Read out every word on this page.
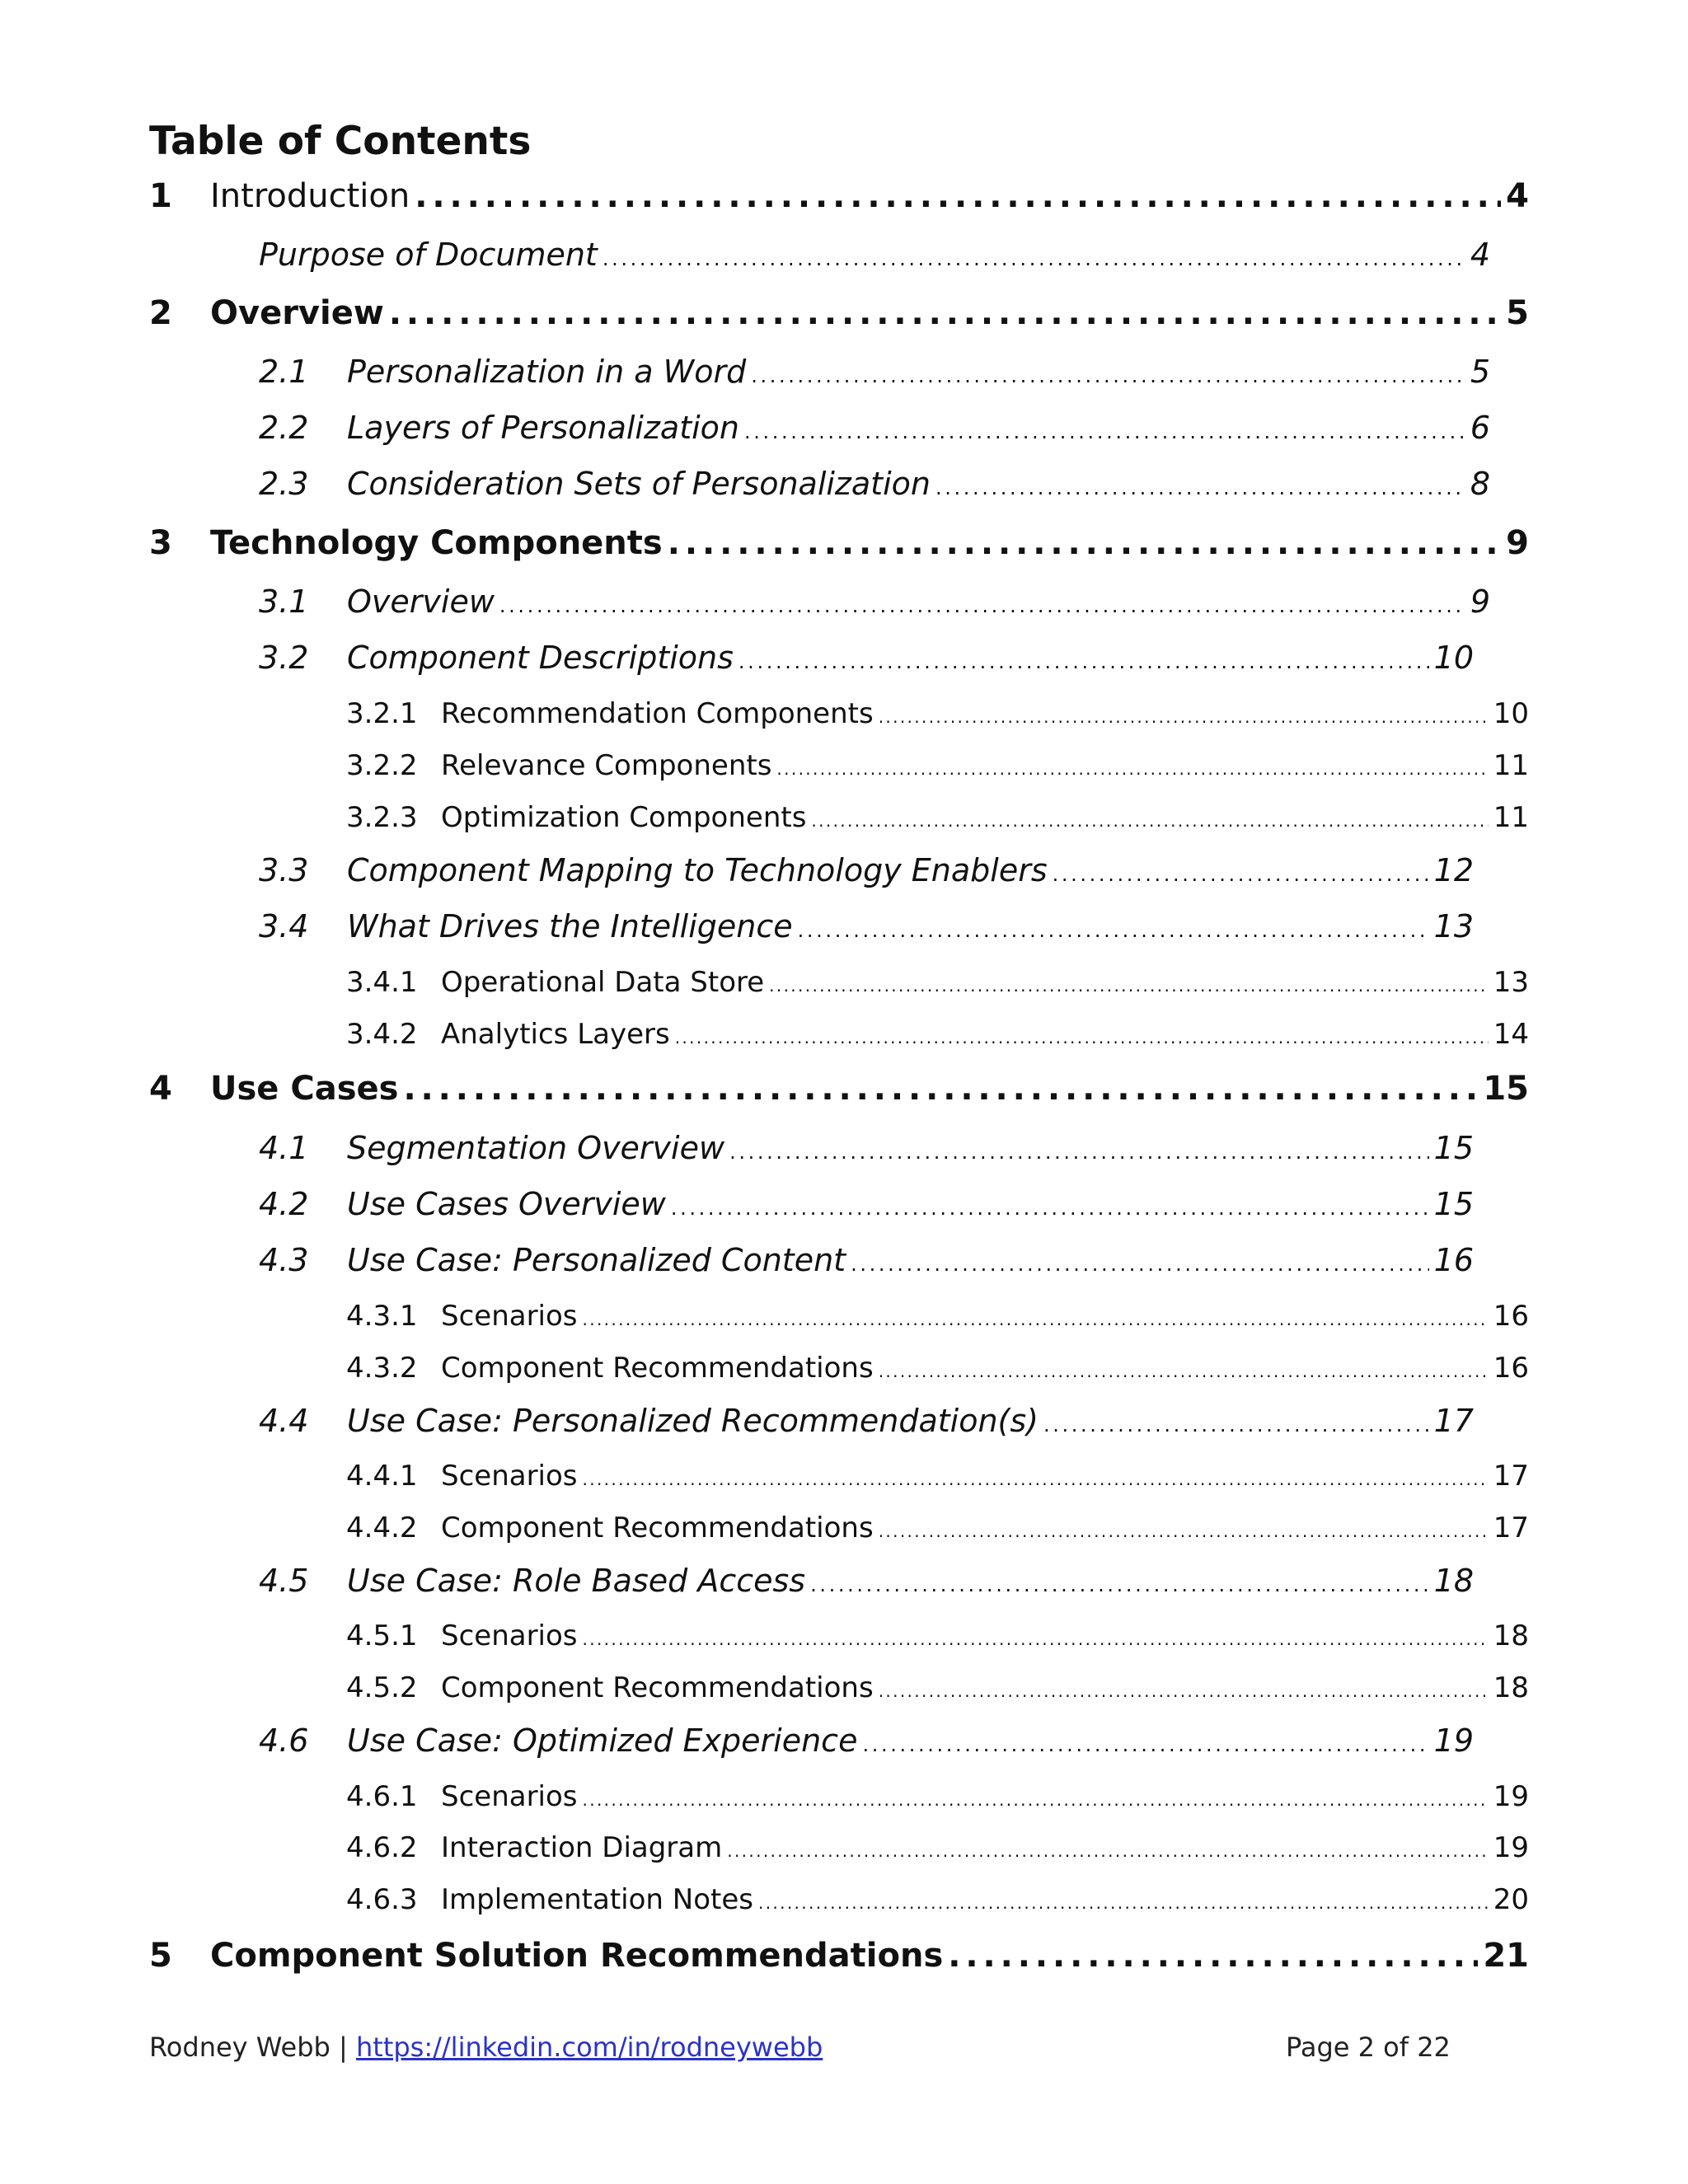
Table of Contents
1	Introduction . . .	4
Purpose of Document . . .	4
2	Overview . . .	5
2.1	Personalization in a Word . . .	5
2.2	Layers of Personalization . . .	6
2.3	Consideration Sets of Personalization . . .	8
3	Technology Components . . .	9
3.1	Overview . . .	9
3.2	Component Descriptions . . .	10
3.2.1 Recommendation Components . . .	10
3.2.2 Relevance Components . . .	11
3.2.3 Optimization Components . . .	11
3.3	Component Mapping to Technology Enablers . . .	12
3.4	What Drives the Intelligence . . .	13
3.4.1 Operational Data Store . . .	13
3.4.2 Analytics Layers . . .	14
4	Use Cases . . .	15
4.1	Segmentation Overview . . .	15
4.2	Use Cases Overview . . .	15
4.3	Use Case: Personalized Content . . .	16
4.3.1 Scenarios . . .	16
4.3.2 Component Recommendations . . .	16
4.4	Use Case: Personalized Recommendation(s) . . .	17
4.4.1 Scenarios . . .	17
4.4.2 Component Recommendations . . .	17
4.5	Use Case: Role Based Access . . .	18
4.5.1 Scenarios . . .	18
4.5.2 Component Recommendations . . .	18
4.6	Use Case: Optimized Experience . . .	19
4.6.1 Scenarios . . .	19
4.6.2 Interaction Diagram . . .	19
4.6.3 Implementation Notes . . .	20
5	Component Solution Recommendations . . .	21
Rodney Webb | https://linkedin.com/in/rodneywebb	Page 2 of 22
